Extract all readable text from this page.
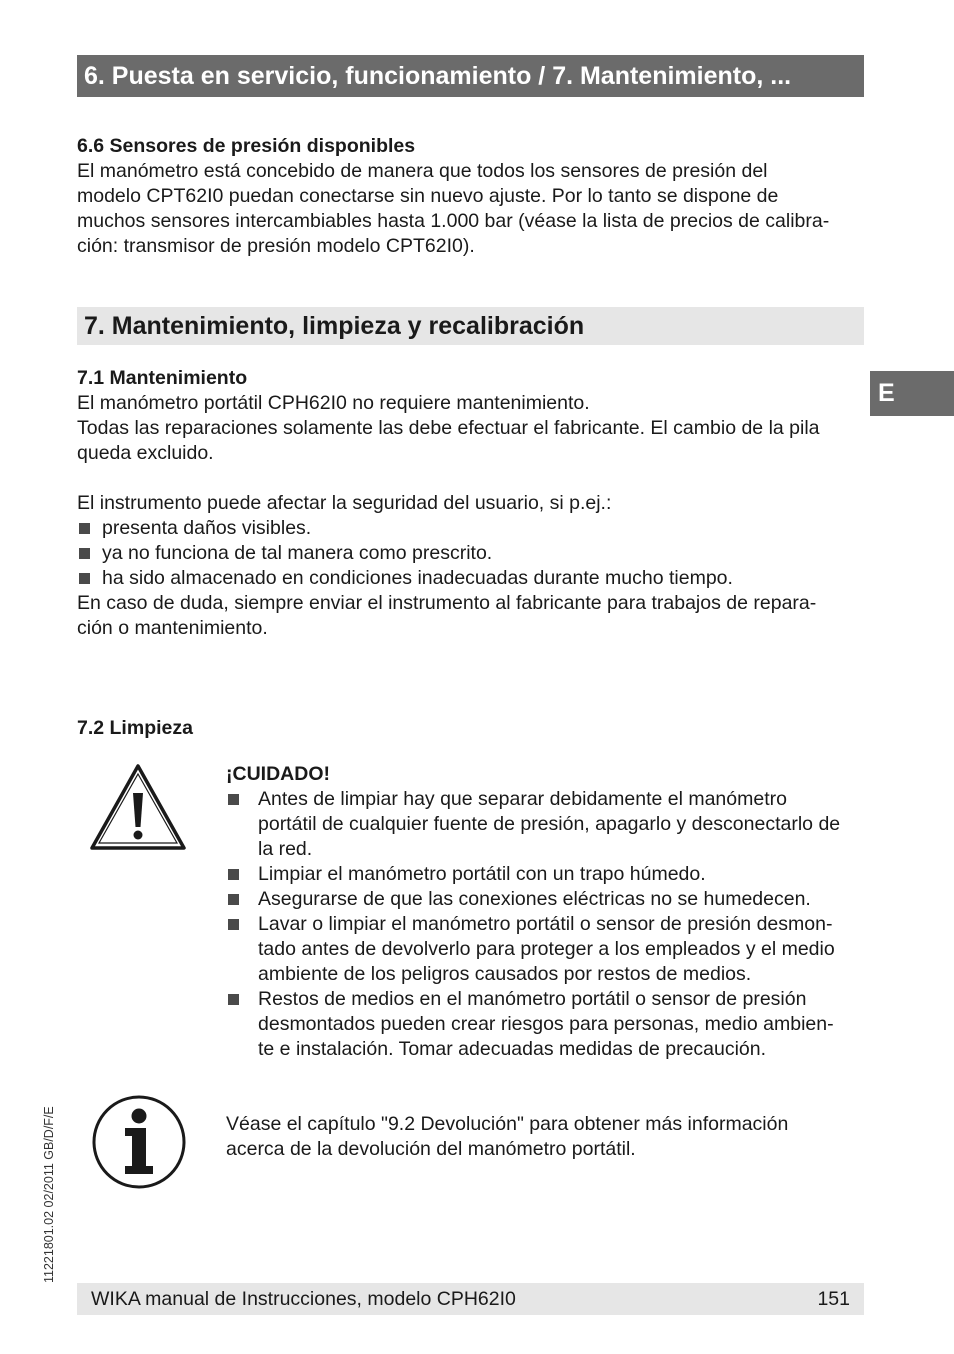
6. Puesta en servicio, funcionamiento / 7. Mantenimiento, ...
6.6 Sensores de presión disponibles

El manómetro está concebido de manera que todos los sensores de presión del

modelo CPT62I0 puedan conectarse sin nuevo ajuste. Por lo tanto se dispone de

muchos sensores intercambiables hasta 1.000 bar (véase la lista de precios de calibra-

ción: transmisor de presión modelo CPT62I0).

7. Mantenimiento, limpieza y recalibración
E
7.1 Mantenimiento

El manómetro portátil CPH62I0 no requiere mantenimiento.

Todas las reparaciones solamente las debe efectuar el fabricante. El cambio de la pila

queda excluido.

El instrumento puede afectar la seguridad del usuario, si p.ej.:

presenta daños visibles.
ya no funciona de tal manera como prescrito.
ha sido almacenado en condiciones inadecuadas durante mucho tiempo.

En caso de duda, siempre enviar el instrumento al fabricante para trabajos de repara-

ción o mantenimiento.

7.2 Limpieza
¡CUIDADO!
Antes de limpiar hay que separar debidamente el manómetro
portátil de cualquier fuente de presión, apagarlo y desconectarlo de
la red.
Limpiar el manómetro portátil con un trapo húmedo.
Asegurarse de que las conexiones eléctricas no se humedecen.
Lavar o limpiar el manómetro portátil o sensor de presión desmon-
tado antes de devolverlo para proteger a los empleados y el medio
ambiente de los peligros causados por restos de medios.
Restos de medios en el manómetro portátil o sensor de presión
desmontados pueden crear riesgos para personas, medio ambien-
te e instalación. Tomar adecuadas medidas de precaución.

Véase el capítulo "9.2 Devolución" para obtener más información

acerca de la devolución del manómetro portátil.

11221801.02 02/2011 GB/D/F/E
WIKA manual de Instrucciones, modelo CPH62I0	151
